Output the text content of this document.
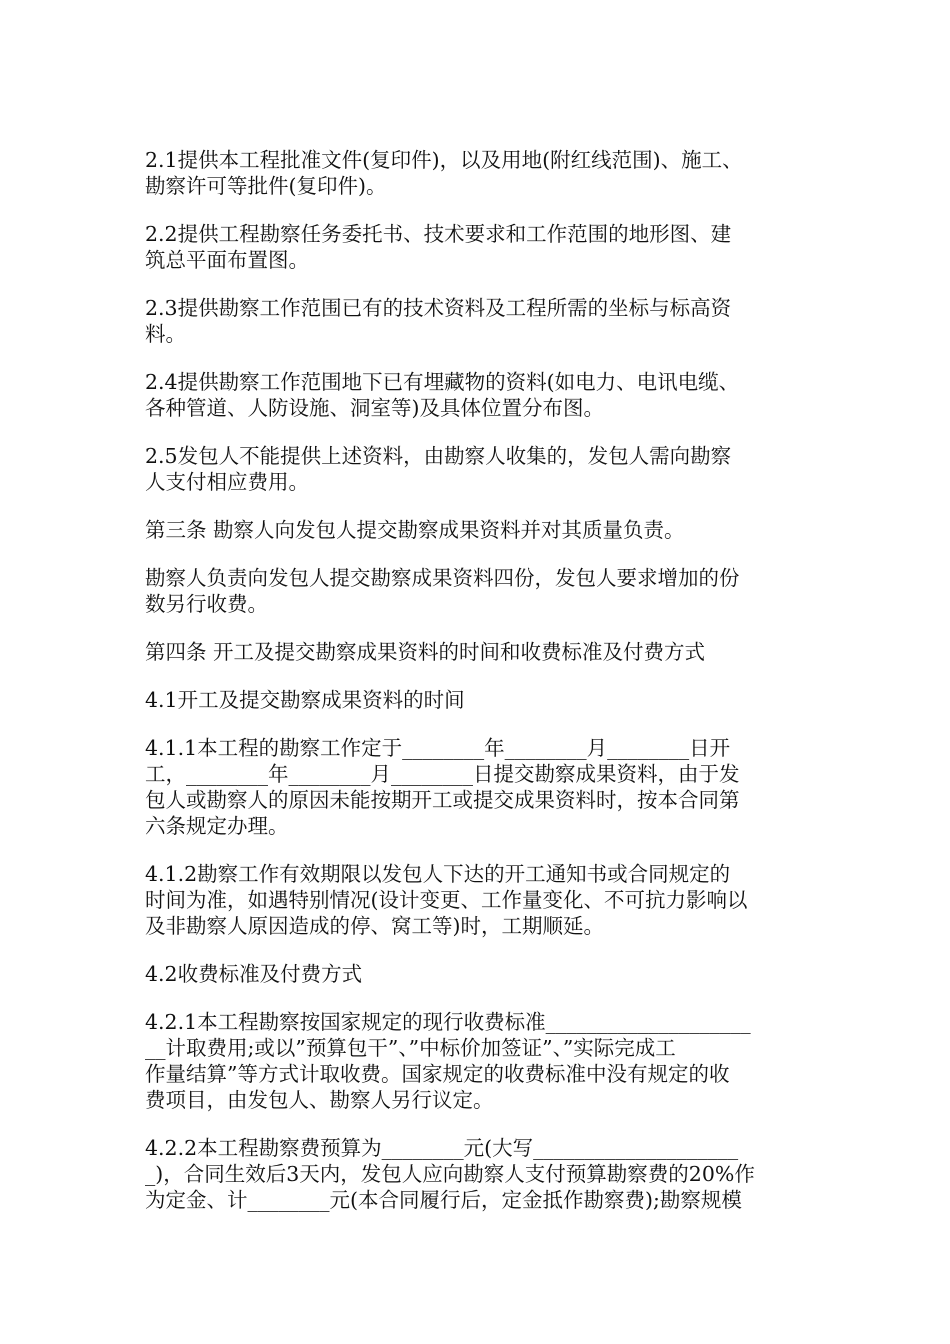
2.1提供本工程批准文件(复印件)，以及用地(附红线范围)、施工、
勘察许可等批件(复印件)。

2.2提供工程勘察任务委托书、技术要求和工作范围的地形图、建
筑总平面布置图。

2.3提供勘察工作范围已有的技术资料及工程所需的坐标与标高资
料。

2.4提供勘察工作范围地下已有埋藏物的资料(如电力、电讯电缆、
各种管道、人防设施、洞室等)及具体位置分布图。

2.5发包人不能提供上述资料，由勘察人收集的，发包人需向勘察
人支付相应费用。

第三条 勘察人向发包人提交勘察成果资料并对其质量负责。

勘察人负责向发包人提交勘察成果资料四份，发包人要求增加的份
数另行收费。

第四条 开工及提交勘察成果资料的时间和收费标准及付费方式

4.1开工及提交勘察成果资料的时间

4.1.1本工程的勘察工作定于________年________月________日开
工，________年________月________日提交勘察成果资料，由于发
包人或勘察人的原因未能按期开工或提交成果资料时，按本合同第
六条规定办理。

4.1.2勘察工作有效期限以发包人下达的开工通知书或合同规定的
时间为准，如遇特别情况(设计变更、工作量变化、不可抗力影响以
及非勘察人原因造成的停、窝工等)时，工期顺延。

4.2收费标准及付费方式

4.2.1本工程勘察按国家规定的现行收费标准____________________
__计取费用;或以”预算包干”、”中标价加签证”、”实际完成工
作量结算”等方式计取收费。国家规定的收费标准中没有规定的收
费项目，由发包人、勘察人另行议定。

4.2.2本工程勘察费预算为________元(大写____________________
_)，合同生效后3天内，发包人应向勘察人支付预算勘察费的20%作
为定金、计________元(本合同履行后，定金抵作勘察费);勘察规模
